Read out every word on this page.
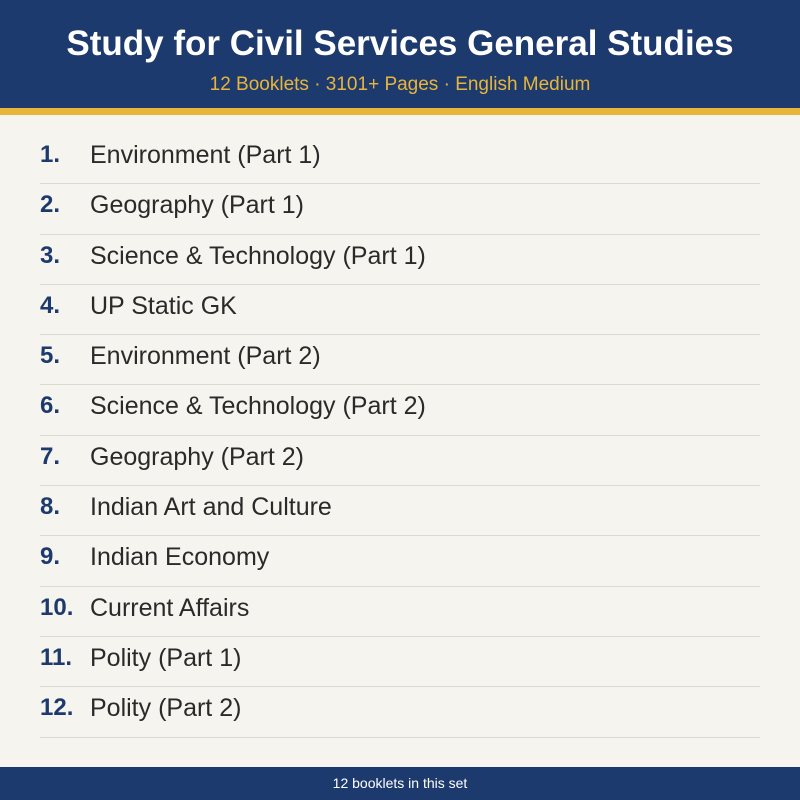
Study for Civil Services General Studies
12 Booklets · 3101+ Pages · English Medium
1. Environment (Part 1)
2. Geography (Part 1)
3. Science & Technology (Part 1)
4. UP Static GK
5. Environment (Part 2)
6. Science & Technology (Part 2)
7. Geography (Part 2)
8. Indian Art and Culture
9. Indian Economy
10. Current Affairs
11. Polity (Part 1)
12. Polity (Part 2)
12 booklets in this set
